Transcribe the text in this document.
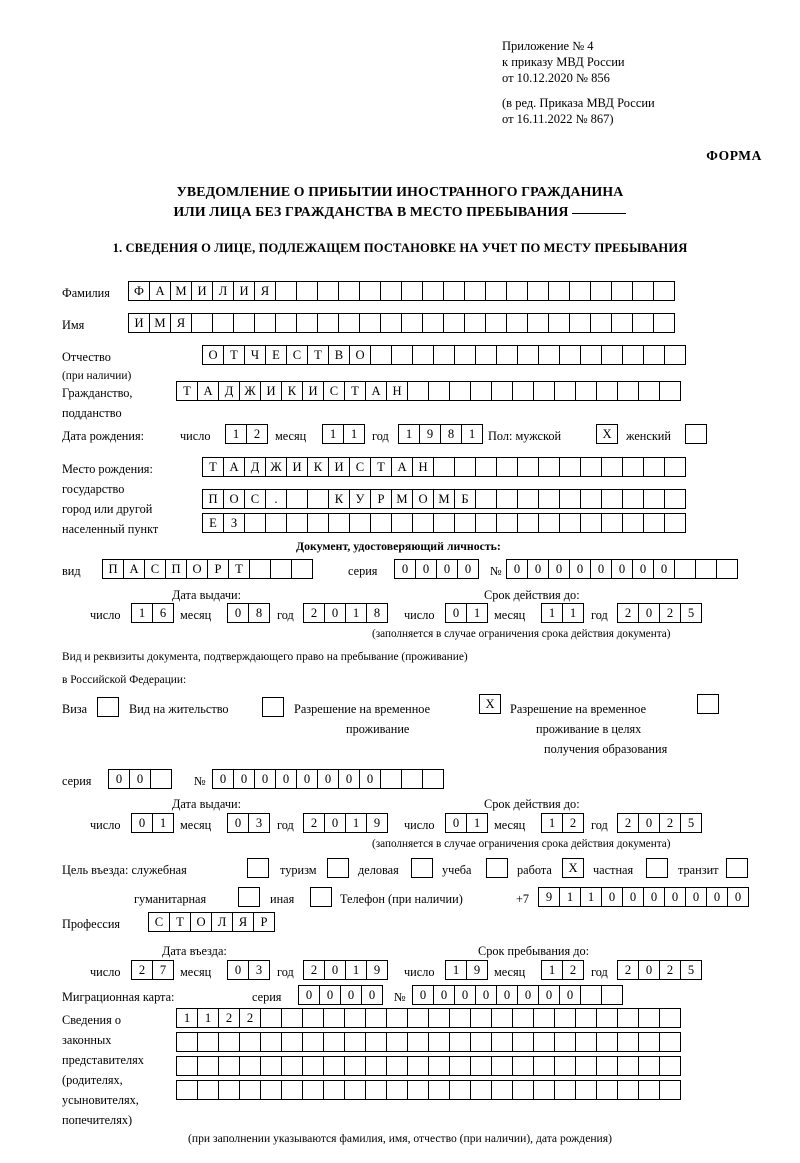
Приложение № 4
к приказу МВД России
от 10.12.2020 № 856
(в ред. Приказа МВД России
от 16.11.2022 № 867)
ФОРМА
УВЕДОМЛЕНИЕ О ПРИБЫТИИ ИНОСТРАННОГО ГРАЖДАНИНА
ИЛИ ЛИЦА БЕЗ ГРАЖДАНСТВА В МЕСТО ПРЕБЫВАНИЯ
1. СВЕДЕНИЯ О ЛИЦЕ, ПОДЛЕЖАЩЕМ ПОСТАНОВКЕ НА УЧЕТ ПО МЕСТУ ПРЕБЫВАНИЯ
Фамилия	Ф А М И Л И Я
Имя	И М Я
Отчество
(при наличии)
О Т	Ч	Е	С	Т	В О
Гражданство,
подданство
Т А Д Ж И К И С	Т А Н
Дата рождения:	число	1	2	месяц	1	1	год	1	9	8	1	Пол: мужской	X	женский
Место рождения:
государство
город или другой
населенный пункт
Т А Д Ж И К И С	Т А Н
П О С	.	К У	Р М О М Б
Е	З
Документ, удостоверяющий личность:
вид	П А С П О	Р	Т	серия	0	0	0	0	№ 0	0	0	0	0	0	0	0
Дата выдачи:	Срок действия до:
число	1	6	месяц	0	8	год	2	0	1	8	число	0	1	месяц	1	1	год	2	0	2	5
(заполняется в случае ограничения срока действия документа)
Вид и реквизиты документа, подтверждающего право на пребывание (проживание)
в Российской Федерации:
Виза	Вид на жительство	Разрешение на временное
проживание
X	Разрешение на временное
проживание в целях
получения образования
серия	0	0	№	0	0	0	0	0	0	0	0
Дата выдачи:	Срок действия до:
число	0	1	месяц	0	3	год	2	0	1	9	число	0	1	месяц	1	2	год	2	0	2	5
(заполняется в случае ограничения срока действия документа)
Цель въезда: служебная	туризм	деловая	учеба	работа	X	частная	транзит
гуманитарная	иная	Телефон (при наличии)	+7	9	1	1	0	0	0	0	0	0	0
Профессия	С	Т О Л Я	Р
Дата въезда:	Срок пребывания до:
число	2	7	месяц	0	3	год	2	0	1	9	число	1	9	месяц	1	2	год	2	0	2	5
Миграционная карта:	серия	0	0	0	0	№	0	0	0	0	0	0	0	0
Сведения о
законных
представителях
(родителях,
усыновителях,
попечителях)
1	1	2	2
(при заполнении указываются фамилия, имя, отчество (при наличии), дата рождения)
